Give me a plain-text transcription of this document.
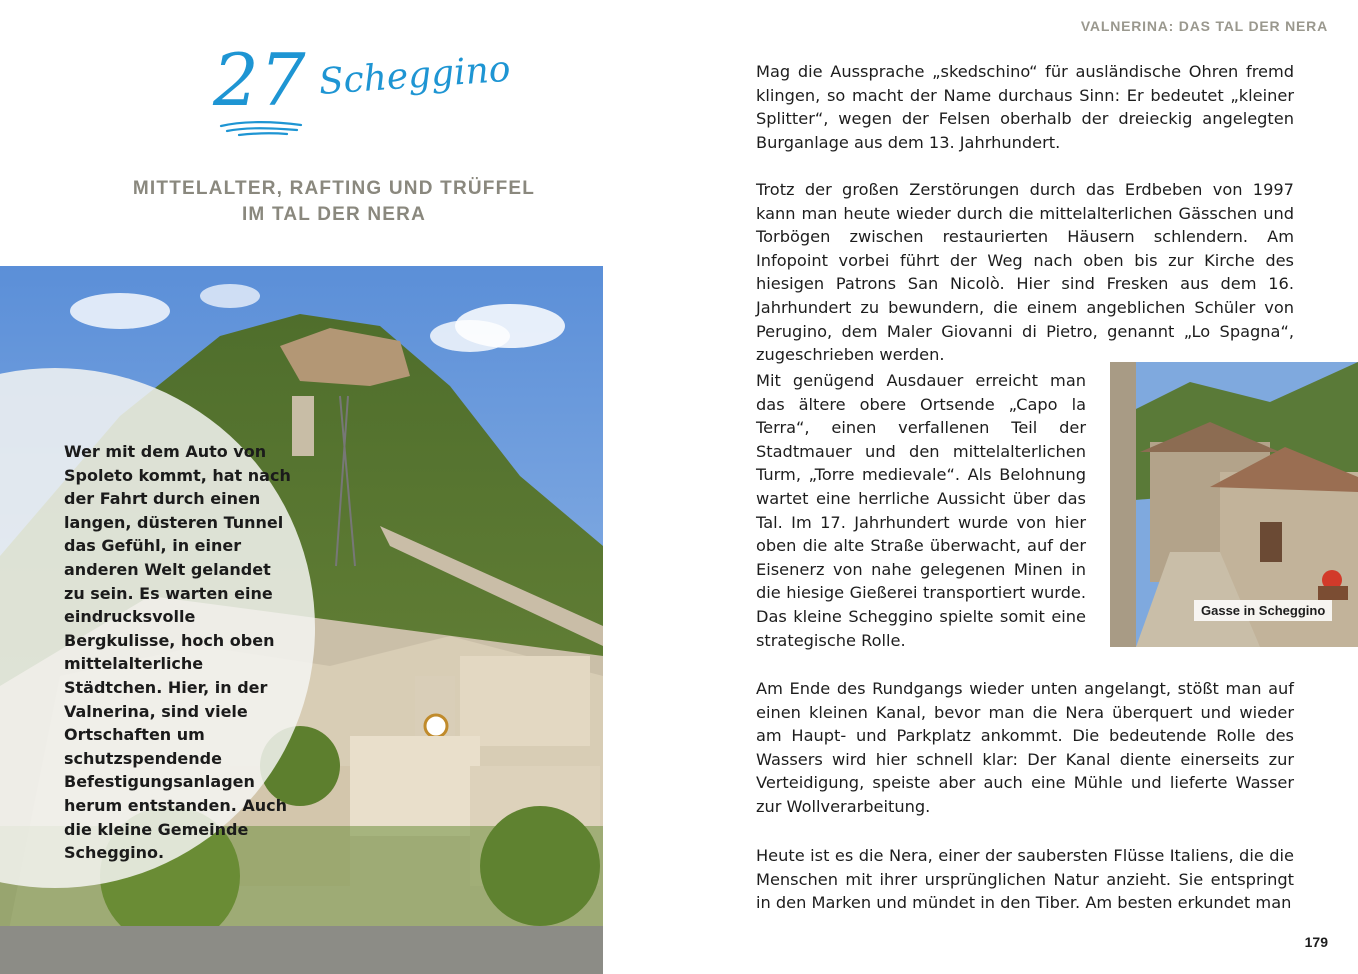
27 Scheggino
MITTELALTER, RAFTING UND TRÜFFEL
IM TAL DER NERA
Wer mit dem Auto von Spoleto kommt, hat nach der Fahrt durch einen langen, düsteren Tunnel das Gefühl, in einer anderen Welt gelandet zu sein. Es warten eine eindrucksvolle Bergkulisse, hoch oben mittelalterliche Städtchen. Hier, in der Valnerina, sind viele Ortschaften um schutzspendende Befestigungsanlagen herum entstanden. Auch die kleine Gemeinde Scheggino.
VALNERINA: DAS TAL DER NERA

Mag die Aussprache „skedschino“ für ausländische Ohren fremd klingen, so macht der Name durchaus Sinn: Er bedeutet „kleiner Splitter“, wegen der Felsen oberhalb der dreieckig angelegten Burganlage aus dem 13. Jahrhundert.

Trotz der großen Zerstörungen durch das Erdbeben von 1997 kann man heute wieder durch die mittelalterlichen Gässchen und Torbögen zwischen restaurierten Häusern schlendern. Am Infopoint vorbei führt der Weg nach oben bis zur Kirche des hiesigen Patrons San Nicolò. Hier sind Fresken aus dem 16. Jahrhundert zu bewundern, die einem angeblichen Schüler von Perugino, dem Maler Giovanni di Pietro, genannt „Lo Spagna“, zugeschrieben werden.

Mit genügend Ausdauer erreicht man das ältere obere Ortsende „Capo la Terra“, einen verfallenen Teil der Stadtmauer und den mittelalterlichen Turm, „Torre medievale“. Als Belohnung wartet eine herrliche Aussicht über das Tal. Im 17. Jahrhundert wurde von hier oben die alte Straße überwacht, auf der Eisenerz von nahe gelegenen Minen in die hiesige Gießerei transportiert wurde. Das kleine Scheggino spielte somit eine strategische Rolle.

Gasse in Scheggino

Am Ende des Rundgangs wieder unten angelangt, stößt man auf einen kleinen Kanal, bevor man die Nera überquert und wieder am Haupt- und Parkplatz ankommt. Die bedeutende Rolle des Wassers wird hier schnell klar: Der Kanal diente einerseits zur Verteidigung, speiste aber auch eine Mühle und lieferte Wasser zur Wollverarbeitung.

Heute ist es die Nera, einer der saubersten Flüsse Italiens, die die Menschen mit ihrer ursprünglichen Natur anzieht. Sie entspringt in den Marken und mündet in den Tiber. Am besten erkundet man

179
